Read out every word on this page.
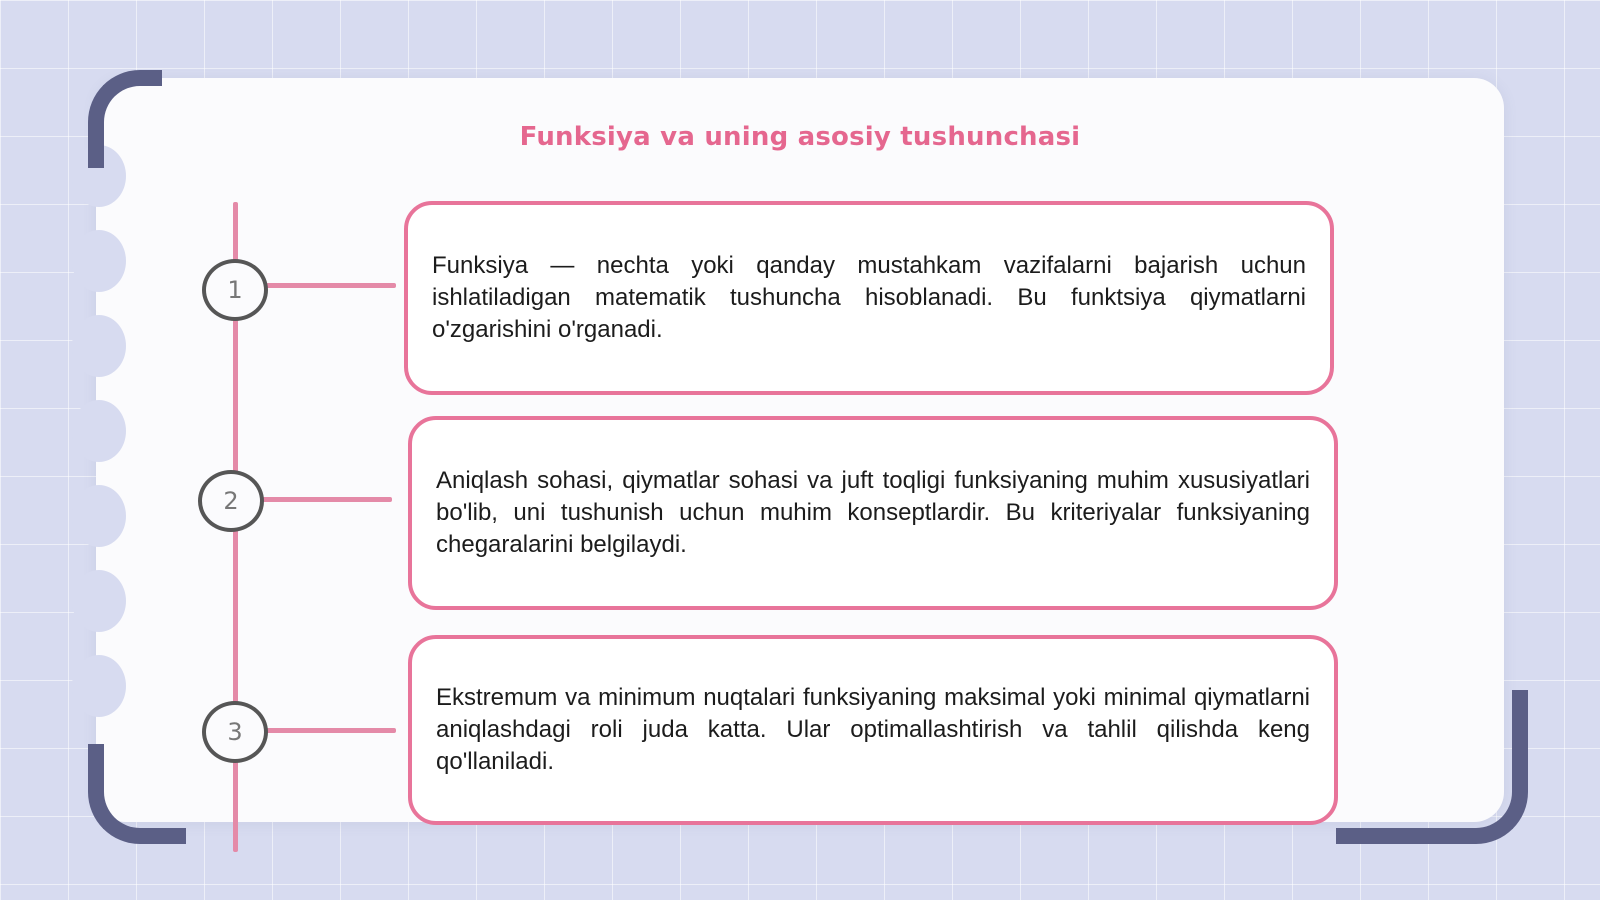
Funksiya va uning asosiy tushunchasi
1

Funksiya — nechta yoki qanday mustahkam vazifalarni bajarish uchun ishlatiladigan matematik tushuncha hisoblanadi. Bu funktsiya qiymatlarni o'zgarishini o'rganadi.

2

Aniqlash sohasi, qiymatlar sohasi va juft toqligi funksiyaning muhim xususiyatlari bo'lib, uni tushunish uchun muhim konseptlardir. Bu kriteriyalar funksiyaning chegaralarini belgilaydi.

3

Ekstremum va minimum nuqtalari funksiyaning maksimal yoki minimal qiymatlarni aniqlashdagi roli juda katta. Ular optimallashtirish va tahlil qilishda keng qo'llaniladi.
